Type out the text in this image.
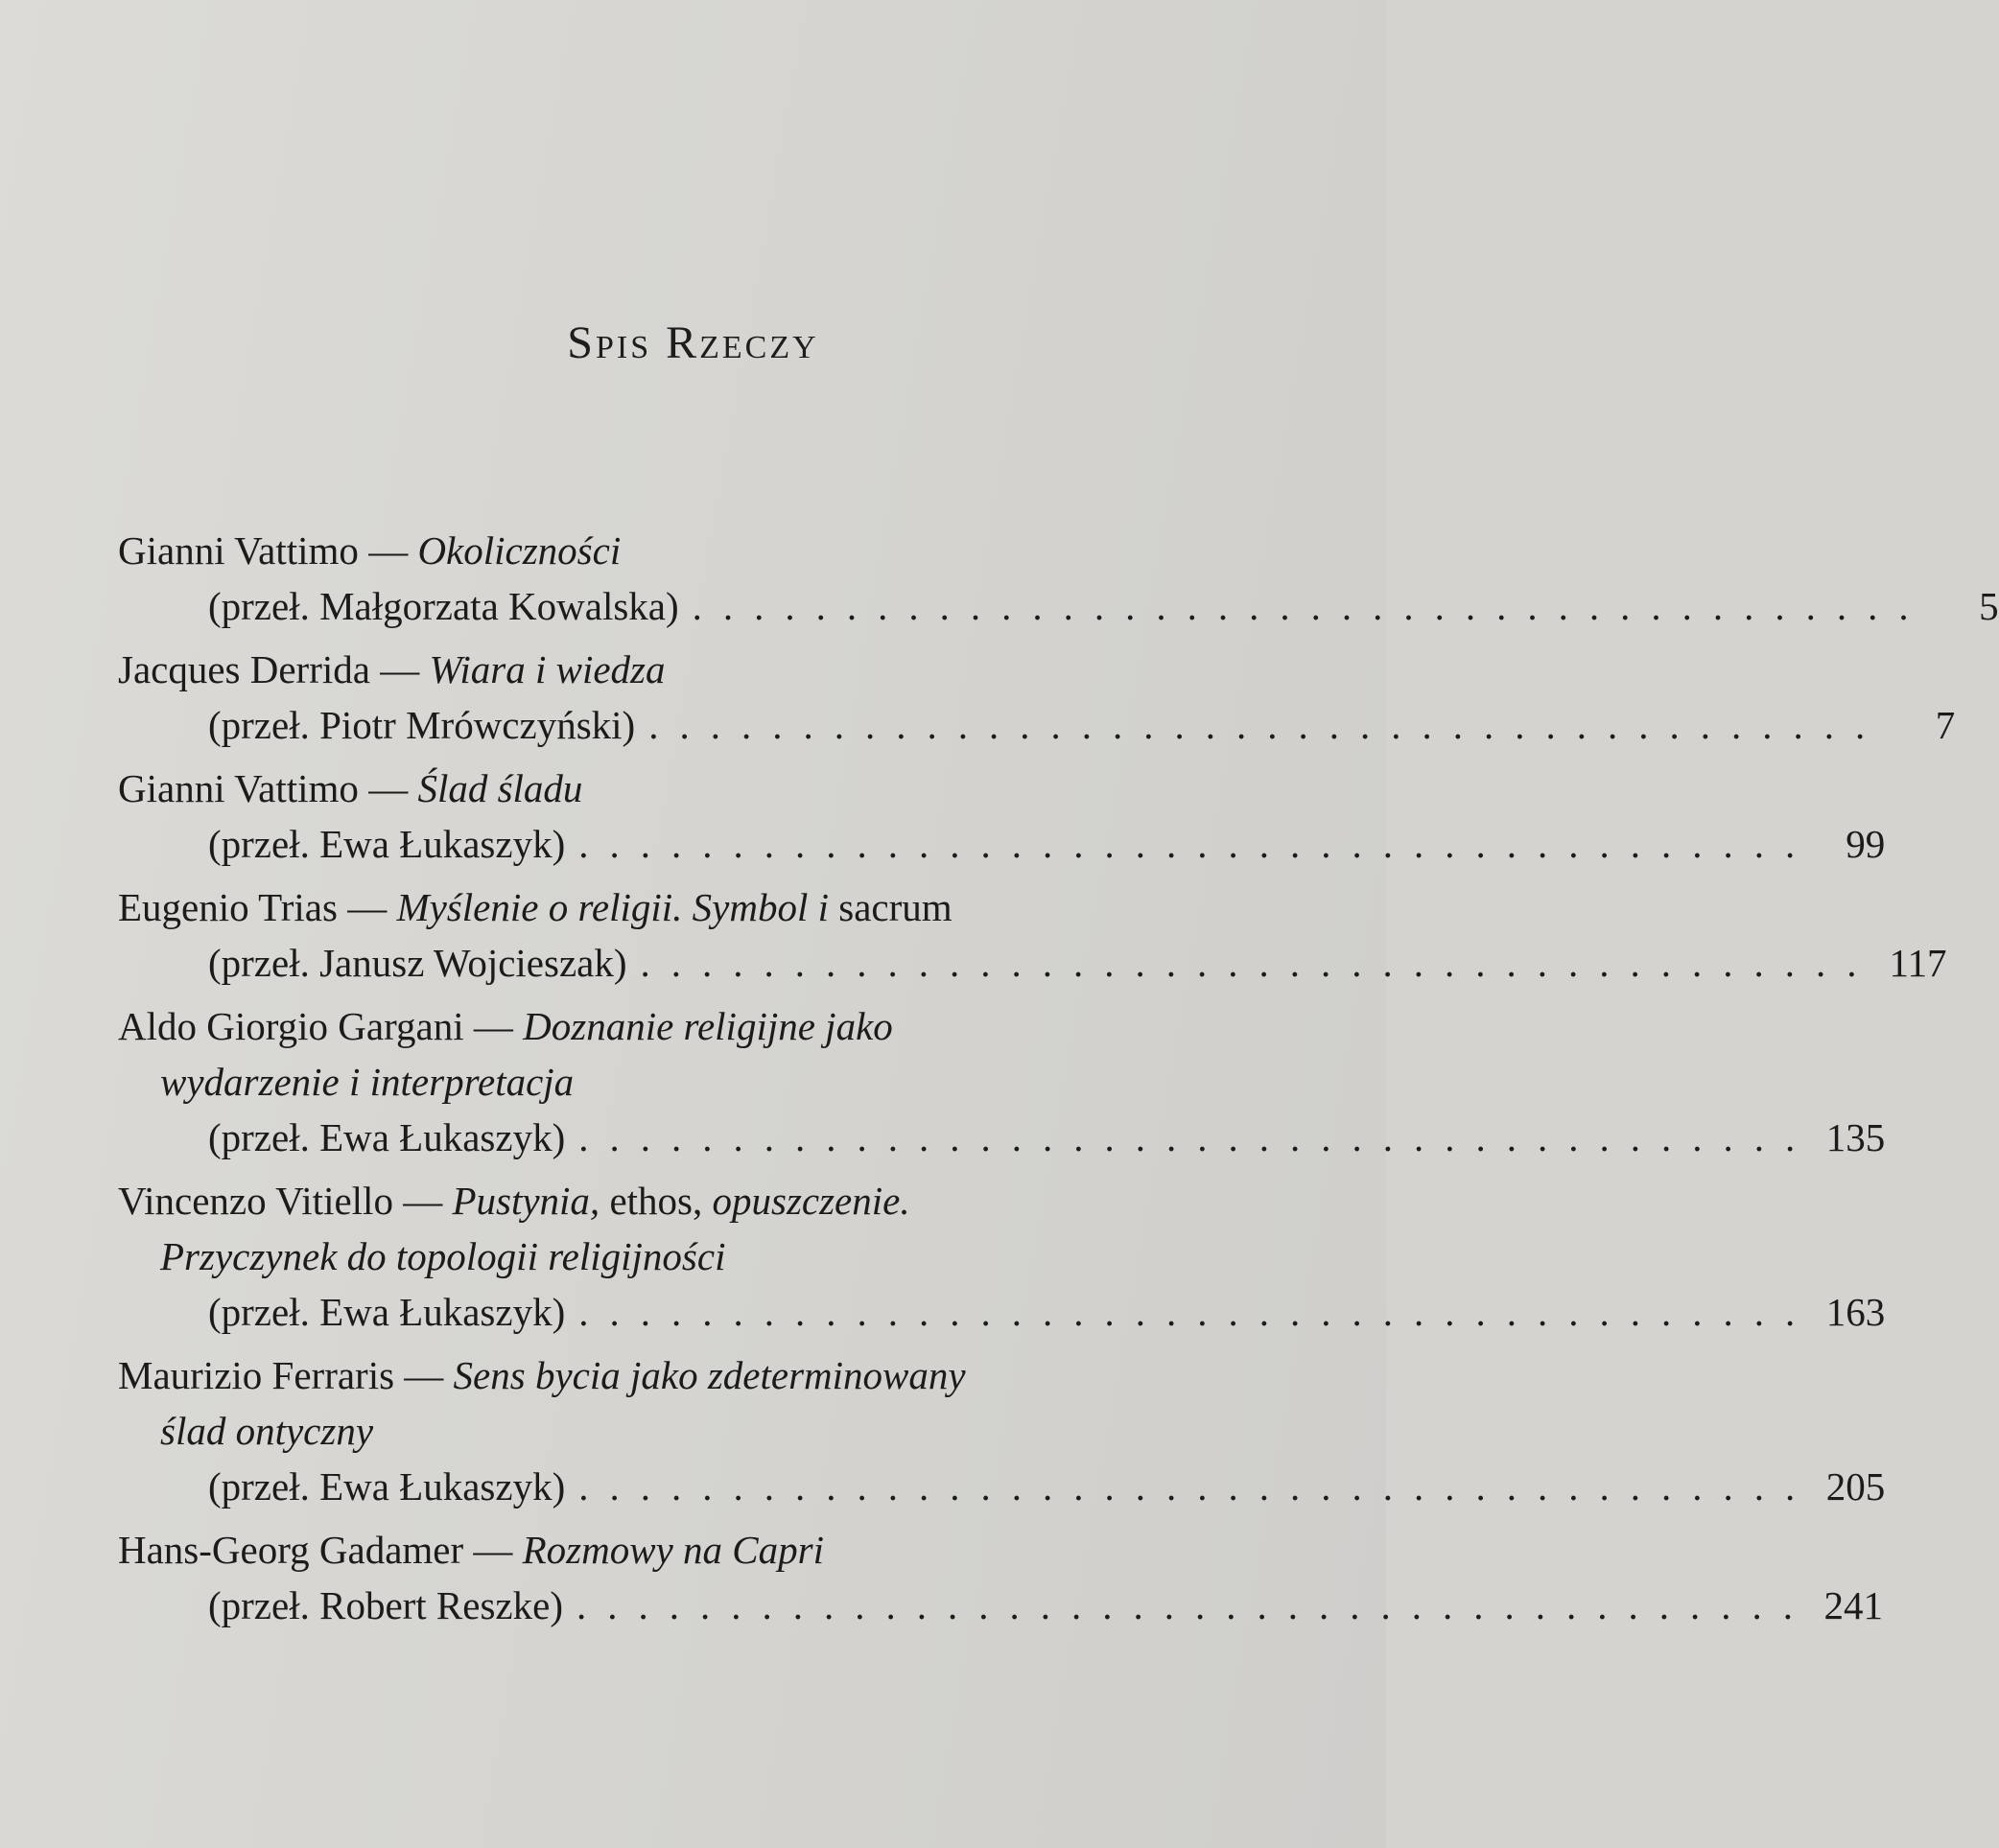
Spis Rzeczy
Gianni Vattimo — Okoliczności
(przeł. Małgorzata Kowalska) ........................................	5
Jacques Derrida — Wiara i wiedza
(przeł. Piotr Mrówczyński) ........................................	7
Gianni Vattimo — Ślad śladu
(przeł. Ewa Łukaszyk) ........................................ 99
Eugenio Trias — Myślenie o religii. Symbol i sacrum
(przeł. Janusz Wojcieszak) ........................................ 117
Aldo Giorgio Gargani — Doznanie religijne jako
wydarzenie i interpretacja
(przeł. Ewa Łukaszyk) ........................................ 135
Vincenzo Vitiello — Pustynia, ethos, opuszczenie.
Przyczynek do topologii religijności
(przeł. Ewa Łukaszyk) ........................................ 163
Maurizio Ferraris — Sens bycia jako zdeterminowany
ślad ontyczny
(przeł. Ewa Łukaszyk) ........................................ 205
Hans-Georg Gadamer — Rozmowy na Capri
(przeł. Robert Reszke) ........................................ 241
